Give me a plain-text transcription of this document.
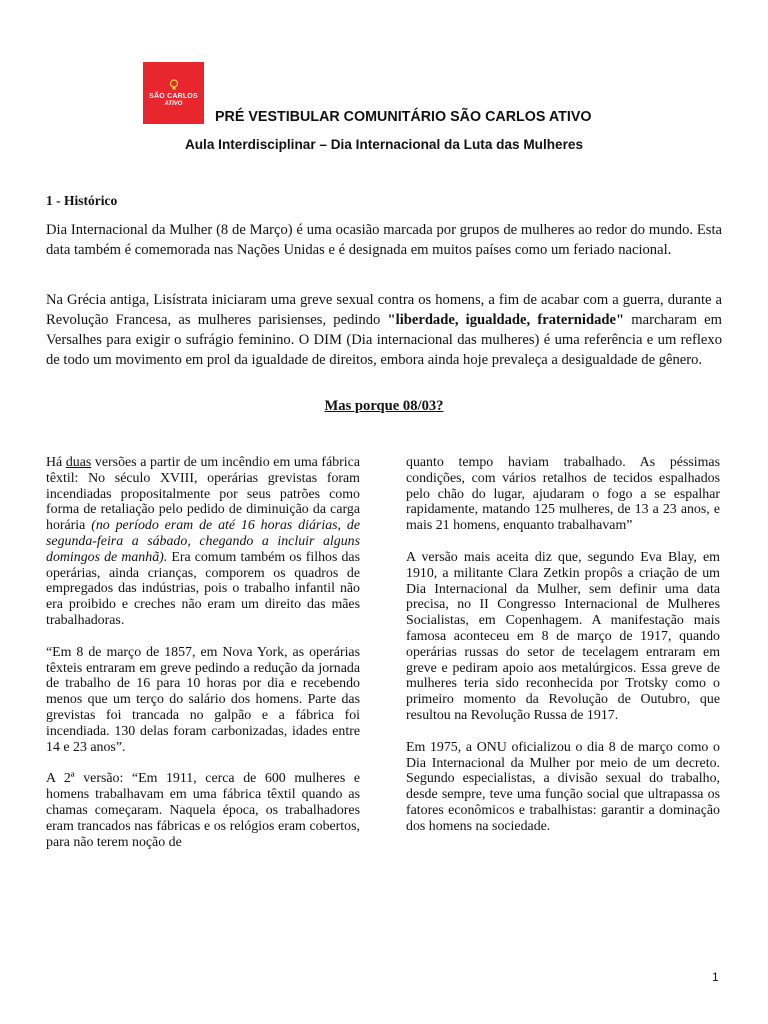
SÃO CARLOS
ATIVO
PRÉ VESTIBULAR COMUNITÁRIO SÃO CARLOS ATIVO
Aula Interdisciplinar – Dia Internacional da Luta das Mulheres
1 - Histórico

Dia Internacional da Mulher (8 de Março) é uma ocasião marcada por grupos de mulheres ao redor do mundo. Esta data também é comemorada nas Nações Unidas e é designada em muitos países como um feriado nacional.

Na Grécia antiga, Lisístrata iniciaram uma greve sexual contra os homens, a fim de acabar com a guerra, durante a Revolução Francesa, as mulheres parisienses, pedindo "liberdade, igualdade, fraternidade" marcharam em Versalhes para exigir o sufrágio feminino. O DIM (Dia internacional das mulheres) é uma referência e um reflexo de todo um movimento em prol da igualdade de direitos, embora ainda hoje prevaleça a desigualdade de gênero.

Mas porque 08/03?

Há duas versões a partir de um incêndio em uma fábrica têxtil: No século XVIII, operárias grevistas foram incendiadas propositalmente por seus patrões como forma de retaliação pelo pedido de diminuição da carga horária (no período eram de até 16 horas diárias, de segunda-feira a sábado, chegando a incluir alguns domingos de manhã). Era comum também os filhos das operárias, ainda crianças, comporem os quadros de empregados das indústrias, pois o trabalho infantil não era proibido e creches não eram um direito das mães trabalhadoras.

“Em 8 de março de 1857, em Nova York, as operárias têxteis entraram em greve pedindo a redução da jornada de trabalho de 16 para 10 horas por dia e recebendo menos que um terço do salário dos homens. Parte das grevistas foi trancada no galpão e a fábrica foi incendiada. 130 delas foram carbonizadas, idades entre 14 e 23 anos”.

A 2ª versão: “Em 1911, cerca de 600 mulheres e homens trabalhavam em uma fábrica têxtil quando as chamas começaram. Naquela época, os trabalhadores eram trancados nas fábricas e os relógios eram cobertos, para não terem noção de

quanto tempo haviam trabalhado. As péssimas condições, com vários retalhos de tecidos espalhados pelo chão do lugar, ajudaram o fogo a se espalhar rapidamente, matando 125 mulheres, de 13 a 23 anos, e mais 21 homens, enquanto trabalhavam”

A versão mais aceita diz que, segundo Eva Blay, em 1910, a militante Clara Zetkin propôs a criação de um Dia Internacional da Mulher, sem definir uma data precisa, no II Congresso Internacional de Mulheres Socialistas, em Copenhagem. A manifestação mais famosa aconteceu em 8 de março de 1917, quando operárias russas do setor de tecelagem entraram em greve e pediram apoio aos metalúrgicos. Essa greve de mulheres teria sido reconhecida por Trotsky como o primeiro momento da Revolução de Outubro, que resultou na Revolução Russa de 1917.

Em 1975, a ONU oficializou o dia 8 de março como o Dia Internacional da Mulher por meio de um decreto. Segundo especialistas, a divisão sexual do trabalho, desde sempre, teve uma função social que ultrapassa os fatores econômicos e trabalhistas: garantir a dominação dos homens na sociedade.

1
